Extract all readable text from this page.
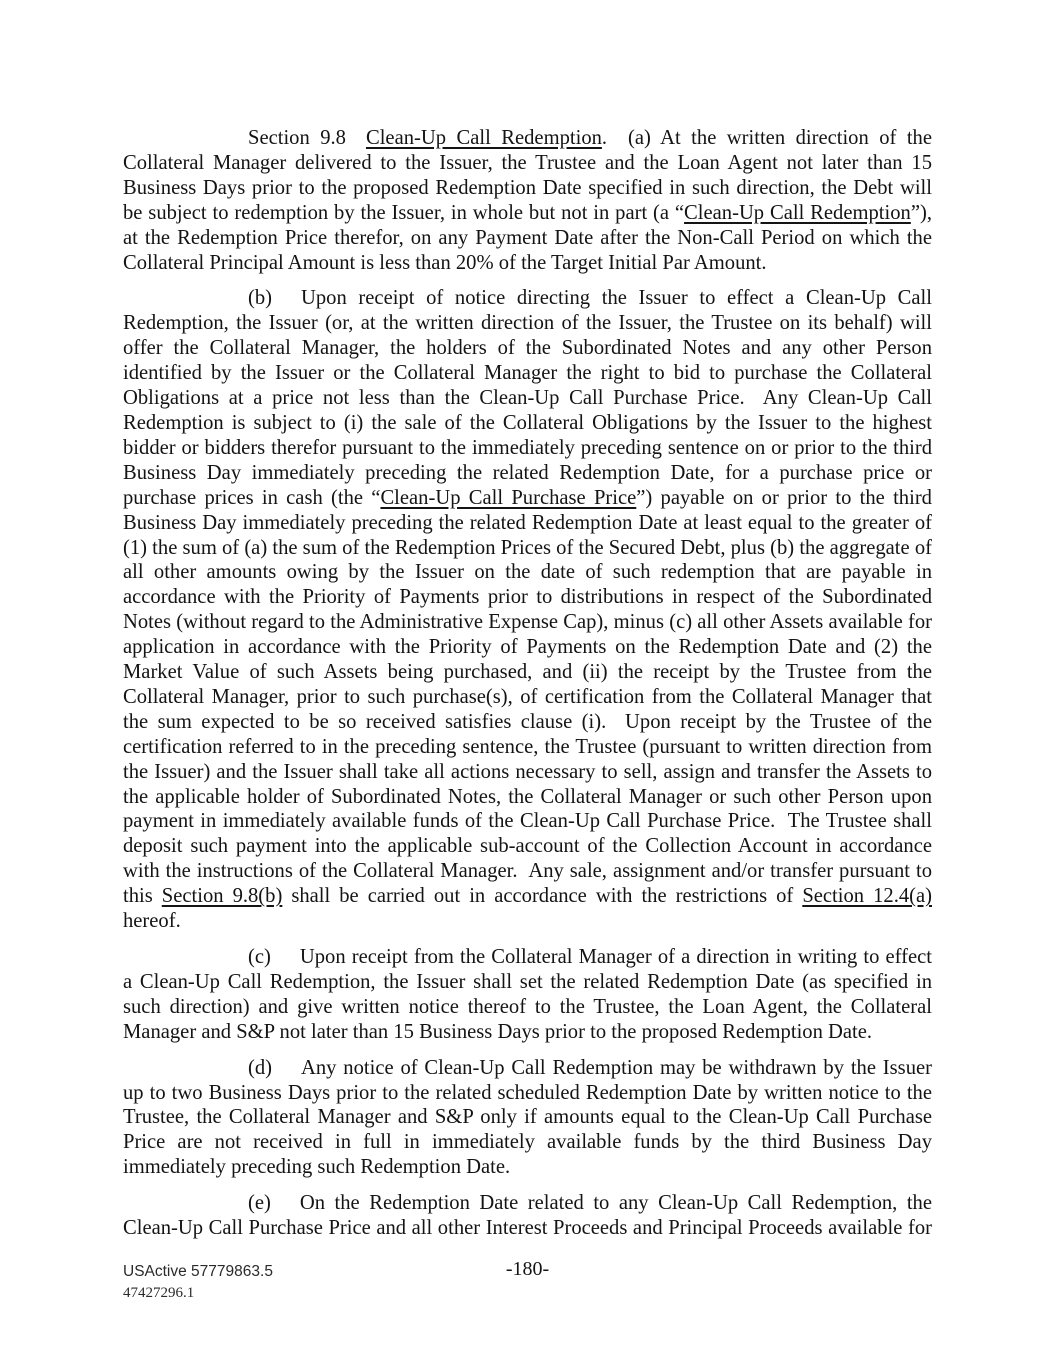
Section 9.8 Clean-Up Call Redemption.  (a) At the written direction of the Collateral Manager delivered to the Issuer, the Trustee and the Loan Agent not later than 15 Business Days prior to the proposed Redemption Date specified in such direction, the Debt will be subject to redemption by the Issuer, in whole but not in part (a “Clean-Up Call Redemption”), at the Redemption Price therefor, on any Payment Date after the Non-Call Period on which the Collateral Principal Amount is less than 20% of the Target Initial Par Amount.

(b) Upon receipt of notice directing the Issuer to effect a Clean-Up Call Redemption, the Issuer (or, at the written direction of the Issuer, the Trustee on its behalf) will offer the Collateral Manager, the holders of the Subordinated Notes and any other Person identified by the Issuer or the Collateral Manager the right to bid to purchase the Collateral Obligations at a price not less than the Clean-Up Call Purchase Price.  Any Clean-Up Call Redemption is subject to (i) the sale of the Collateral Obligations by the Issuer to the highest bidder or bidders therefor pursuant to the immediately preceding sentence on or prior to the third Business Day immediately preceding the related Redemption Date, for a purchase price or purchase prices in cash (the “Clean-Up Call Purchase Price”) payable on or prior to the third Business Day immediately preceding the related Redemption Date at least equal to the greater of (1) the sum of (a) the sum of the Redemption Prices of the Secured Debt, plus (b) the aggregate of all other amounts owing by the Issuer on the date of such redemption that are payable in accordance with the Priority of Payments prior to distributions in respect of the Subordinated Notes (without regard to the Administrative Expense Cap), minus (c) all other Assets available for application in accordance with the Priority of Payments on the Redemption Date and (2) the Market Value of such Assets being purchased, and (ii) the receipt by the Trustee from the Collateral Manager, prior to such purchase(s), of certification from the Collateral Manager that the sum expected to be so received satisfies clause (i).  Upon receipt by the Trustee of the certification referred to in the preceding sentence, the Trustee (pursuant to written direction from the Issuer) and the Issuer shall take all actions necessary to sell, assign and transfer the Assets to the applicable holder of Subordinated Notes, the Collateral Manager or such other Person upon payment in immediately available funds of the Clean-Up Call Purchase Price.  The Trustee shall deposit such payment into the applicable sub-account of the Collection Account in accordance with the instructions of the Collateral Manager.  Any sale, assignment and/or transfer pursuant to this Section 9.8(b) shall be carried out in accordance with the restrictions of Section 12.4(a) hereof.

(c) Upon receipt from the Collateral Manager of a direction in writing to effect a Clean-Up Call Redemption, the Issuer shall set the related Redemption Date (as specified in such direction) and give written notice thereof to the Trustee, the Loan Agent, the Collateral Manager and S&P not later than 15 Business Days prior to the proposed Redemption Date.

(d) Any notice of Clean-Up Call Redemption may be withdrawn by the Issuer up to two Business Days prior to the related scheduled Redemption Date by written notice to the Trustee, the Collateral Manager and S&P only if amounts equal to the Clean-Up Call Purchase Price are not received in full in immediately available funds by the third Business Day immediately preceding such Redemption Date.

(e) On the Redemption Date related to any Clean-Up Call Redemption, the Clean-Up Call Purchase Price and all other Interest Proceeds and Principal Proceeds available for

USActive 57779863.5
47427296.1
-180-
